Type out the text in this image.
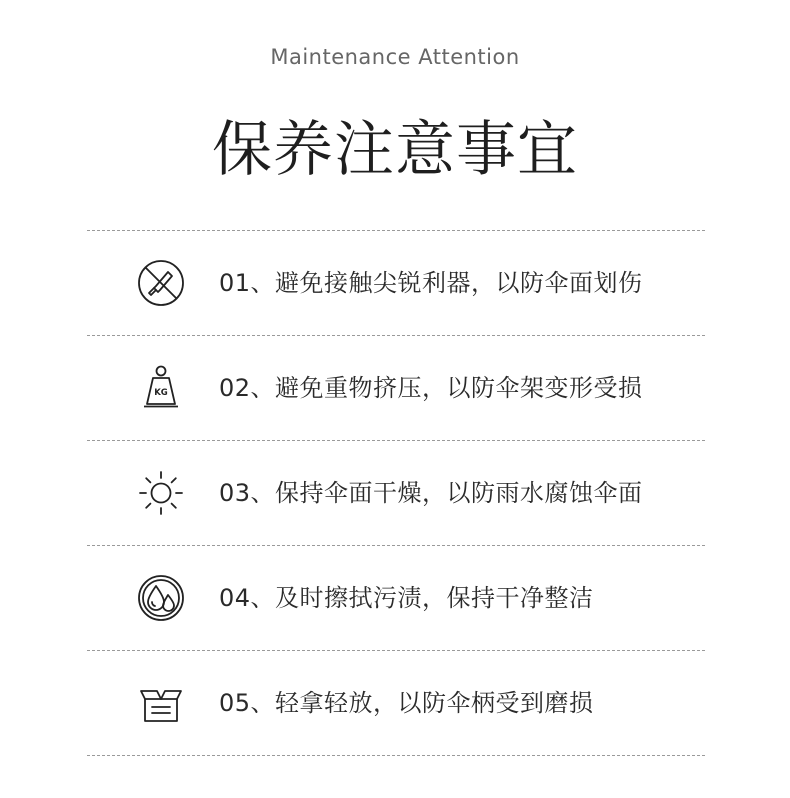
Maintenance Attention
保养注意事宜
01、避免接触尖锐利器，以防伞面划伤
KG 02、避免重物挤压，以防伞架变形受损
03、保持伞面干燥，以防雨水腐蚀伞面
04、及时擦拭污渍，保持干净整洁
05、轻拿轻放，以防伞柄受到磨损
